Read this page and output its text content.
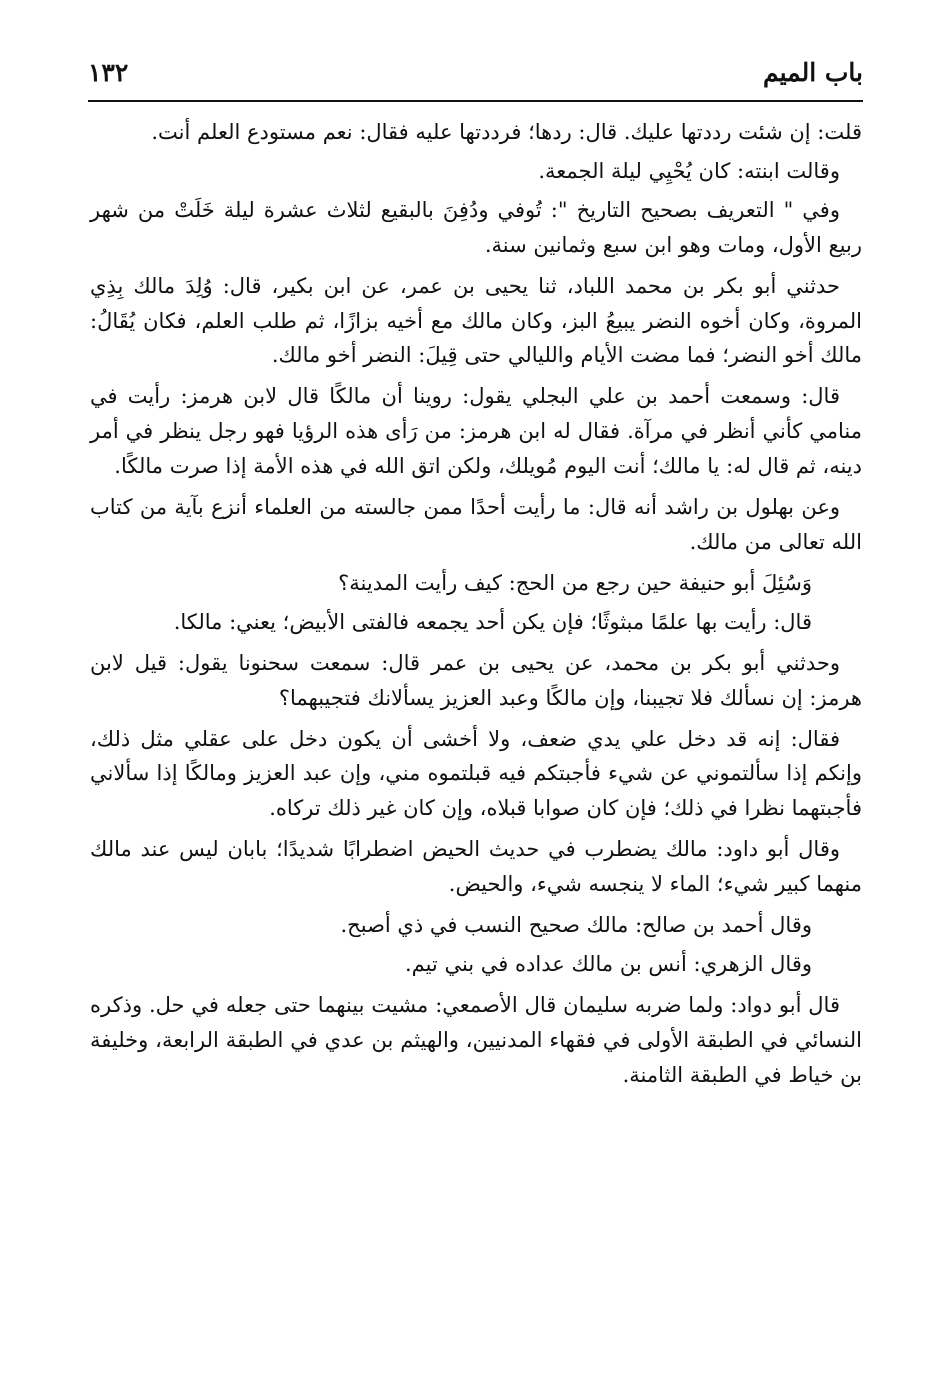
باب الميم
١٣٢

قلت: إن شئت رددتها عليك. قال: ردها؛ فرددتها عليه فقال: نعم مستودع العلم أنت.

وقالت ابنته: كان يُحْيِي ليلة الجمعة.

وفي " التعريف بصحيح التاريخ ": تُوفي ودُفِنَ بالبقيع لثلاث عشرة ليلة خَلَتْ من شهر ربيع الأول، ومات وهو ابن سبع وثمانين سنة.

حدثني أبو بكر بن محمد اللباد، ثنا يحيى بن عمر، عن ابن بكير، قال: وُلِدَ مالك بِذِي المروة، وكان أخوه النضر يبيعُ البز، وكان مالك مع أخيه بزازًا، ثم طلب العلم، فكان يُقَالُ: مالك أخو النضر؛ فما مضت الأيام والليالي حتى قِيلَ: النضر أخو مالك.

قال: وسمعت أحمد بن علي البجلي يقول: روينا أن مالكًا قال لابن هرمز: رأيت في منامي كأني أنظر في مرآة. فقال له ابن هرمز: من رَأى هذه الرؤيا فهو رجل ينظر في أمر دينه، ثم قال له: يا مالك؛ أنت اليوم مُويلك، ولكن اتق الله في هذه الأمة إذا صرت مالكًا.

وعن بهلول بن راشد أنه قال: ما رأيت أحدًا ممن جالسته من العلماء أنزع بآية من كتاب الله تعالى من مالك.

وَسُئِلَ أبو حنيفة حين رجع من الحج: كيف رأيت المدينة؟

قال: رأيت بها علمًا مبثوثًا؛ فإن يكن أحد يجمعه فالفتى الأبيض؛ يعني: مالكا.

وحدثني أبو بكر بن محمد، عن يحيى بن عمر قال: سمعت سحنونا يقول: قيل لابن هرمز: إن نسألك فلا تجيبنا، وإن مالكًا وعبد العزيز يسألانك فتجيبهما؟

فقال: إنه قد دخل علي يدي ضعف، ولا أخشى أن يكون دخل على عقلي مثل ذلك، وإنكم إذا سألتموني عن شيء فأجبتكم فيه قبلتموه مني، وإن عبد العزيز ومالكًا إذا سألاني فأجبتهما نظرا في ذلك؛ فإن كان صوابا قبلاه، وإن كان غير ذلك تركاه.

وقال أبو داود: مالك يضطرب في حديث الحيض اضطرابًا شديدًا؛ بابان ليس عند مالك منهما كبير شيء؛ الماء لا ينجسه شيء، والحيض.

وقال أحمد بن صالح: مالك صحيح النسب في ذي أصبح.

وقال الزهري: أنس بن مالك عداده في بني تيم.

قال أبو دواد: ولما ضربه سليمان قال الأصمعي: مشيت بينهما حتى جعله في حل. وذكره النسائي في الطبقة الأولى في فقهاء المدنيين، والهيثم بن عدي في الطبقة الرابعة، وخليفة بن خياط في الطبقة الثامنة.
